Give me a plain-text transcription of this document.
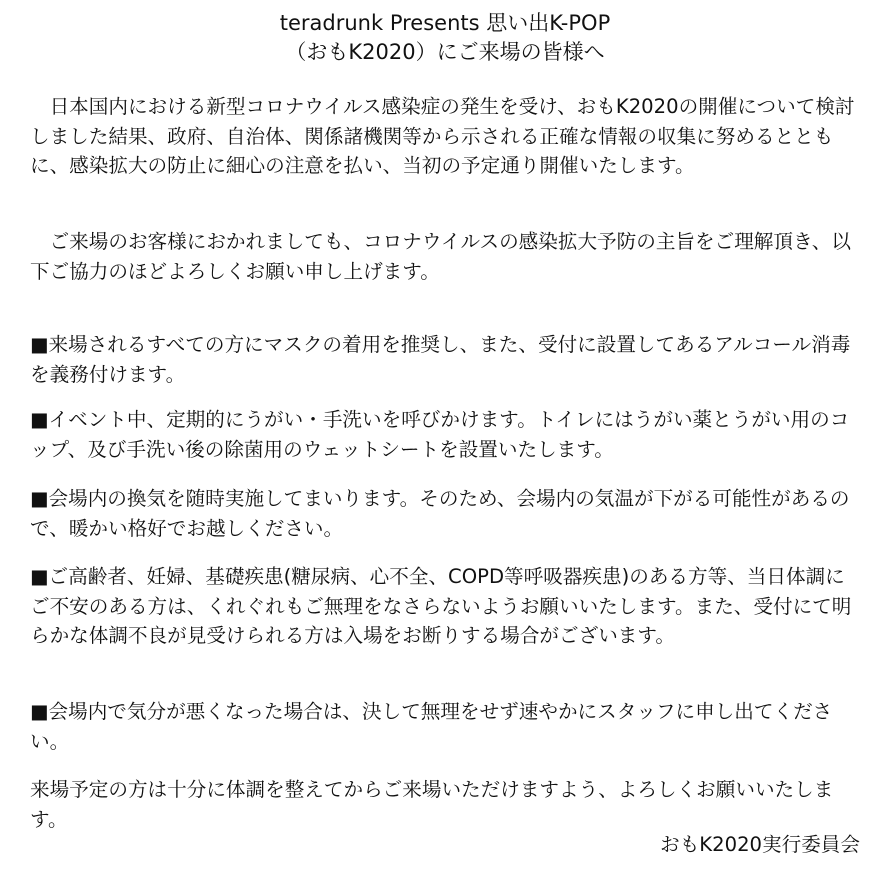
teradrunk Presents 思い出K-POP
（おもK2020）にご来場の皆様へ

日本国内における新型コロナウイルス感染症の発生を受け、おもK2020の開催について検討しました結果、政府、自治体、関係諸機関等から示される正確な情報の収集に努めるとともに、感染拡大の防止に細心の注意を払い、当初の予定通り開催いたします。

ご来場のお客様におかれましても、コロナウイルスの感染拡大予防の主旨をご理解頂き、以下ご協力のほどよろしくお願い申し上げます。

■来場されるすべての方にマスクの着用を推奨し、また、受付に設置してあるアルコール消毒を義務付けます。

■イベント中、定期的にうがい・手洗いを呼びかけます。トイレにはうがい薬とうがい用のコップ、及び手洗い後の除菌用のウェットシートを設置いたします。

■会場内の換気を随時実施してまいります。そのため、会場内の気温が下がる可能性があるので、暖かい格好でお越しください。

■ご高齢者、妊婦、基礎疾患(糖尿病、心不全、COPD等呼吸器疾患)のある方等、当日体調にご不安のある方は、くれぐれもご無理をなさらないようお願いいたします。また、受付にて明らかな体調不良が見受けられる方は入場をお断りする場合がございます。

■会場内で気分が悪くなった場合は、決して無理をせず速やかにスタッフに申し出てください。

来場予定の方は十分に体調を整えてからご来場いただけますよう、よろしくお願いいたします。

おもK2020実行委員会
